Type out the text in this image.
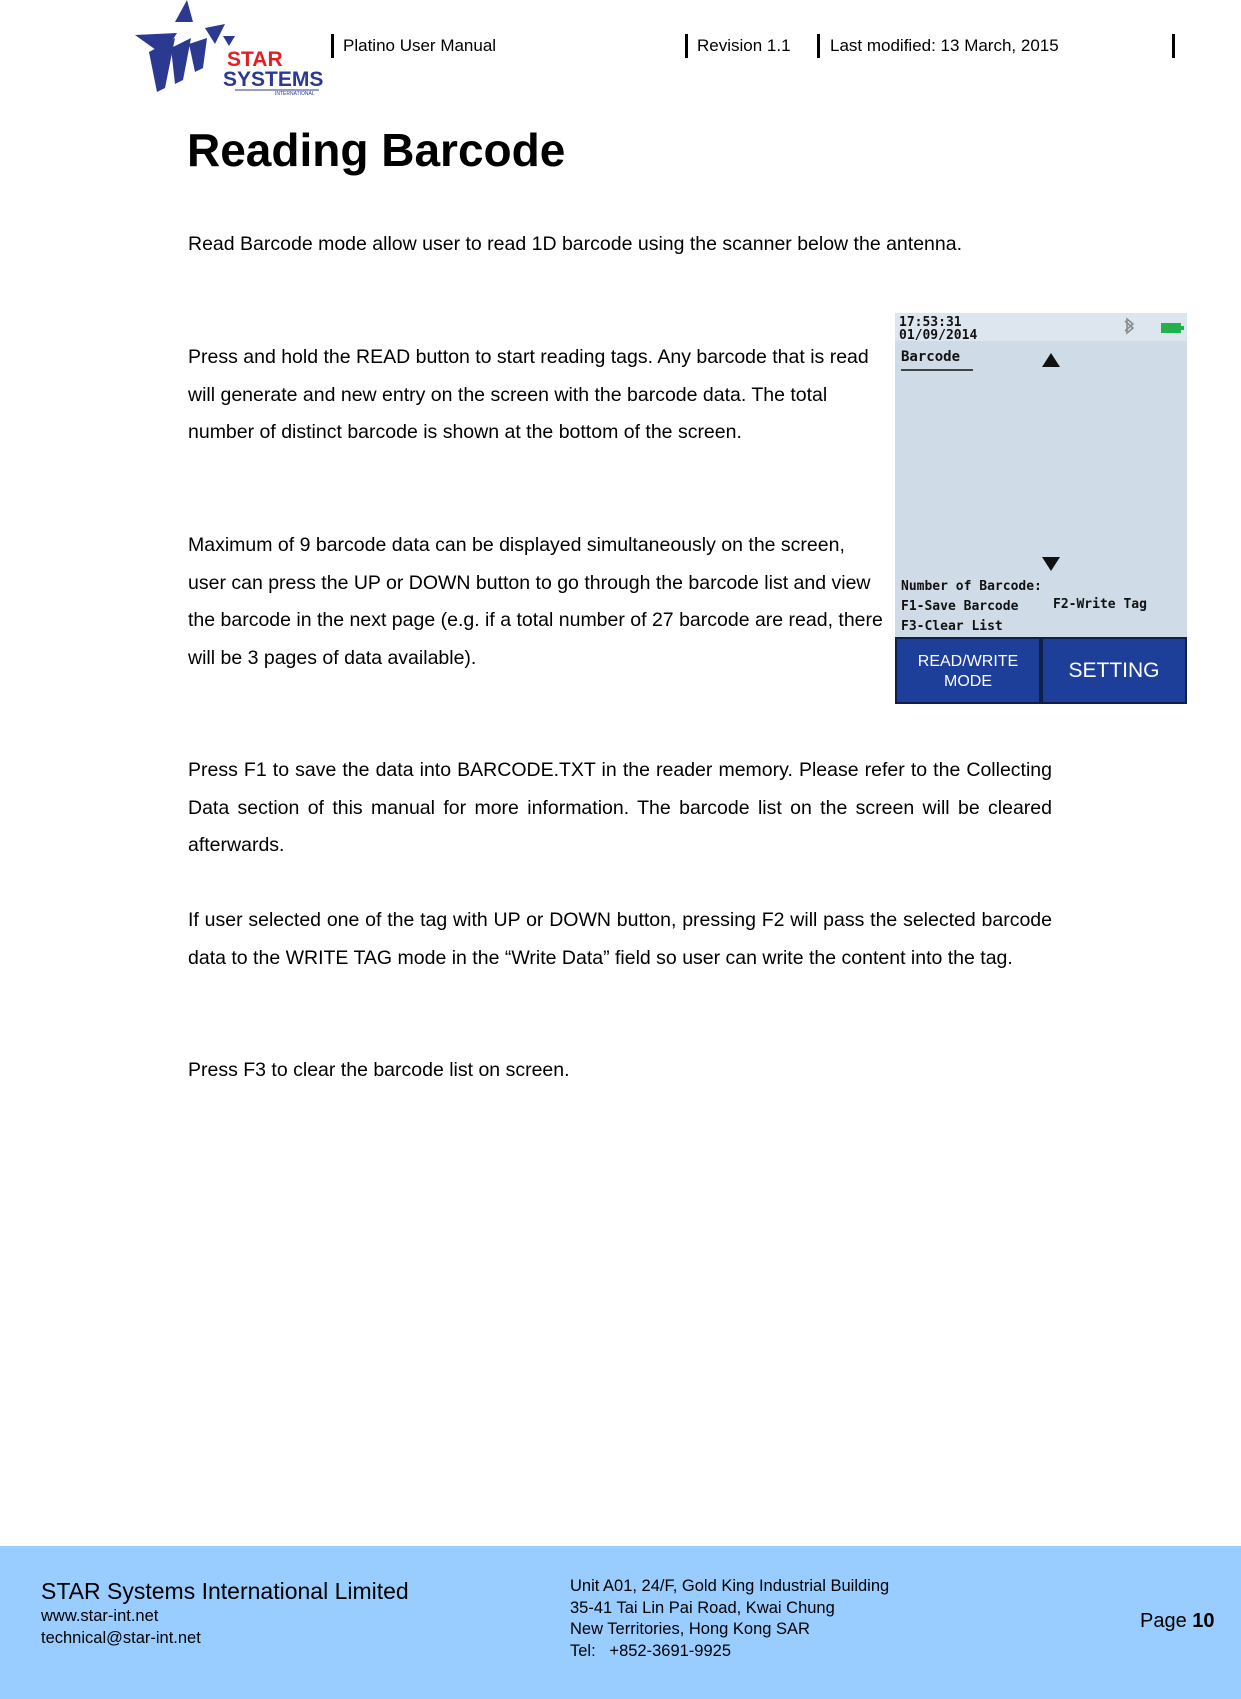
STAR
SYSTEMS
INTERNATIONAL
Platino User Manual	Revision 1.1 Last modified: 13 March, 2015
Reading Barcode
Read Barcode mode allow user to read 1D barcode using the scanner below the antenna.
Press and hold the READ button to start reading tags. Any barcode that is read will generate and new entry on the screen with the barcode data. The total number of distinct barcode is shown at the bottom of the screen.
Maximum of 9 barcode data can be displayed simultaneously on the screen, user can press the UP or DOWN button to go through the barcode list and view the barcode in the next page (e.g. if a total number of 27 barcode are read, there will be 3 pages of data available).
Press F1 to save the data into BARCODE.TXT in the reader memory. Please refer to the Collecting Data section of this manual for more information. The barcode list on the screen will be cleared afterwards.
If user selected one of the tag with UP or DOWN button, pressing F2 will pass the selected barcode data to the WRITE TAG mode in the “Write Data” field so user can write the content into the tag.
Press F3 to clear the barcode list on screen.
17:53:31
01/09/2014
Barcode
Number of Barcode:
F1-Save Barcode	F2-Write Tag
F3-Clear List
READ/WRITE
MODE	SETTING
STAR Systems International Limited
www.star-int.net
technical@star-int.net
Unit A01, 24/F, Gold King Industrial Building
35-41 Tai Lin Pai Road, Kwai Chung
New Territories, Hong Kong SAR
Tel:   +852-3691-9925
Page 10
